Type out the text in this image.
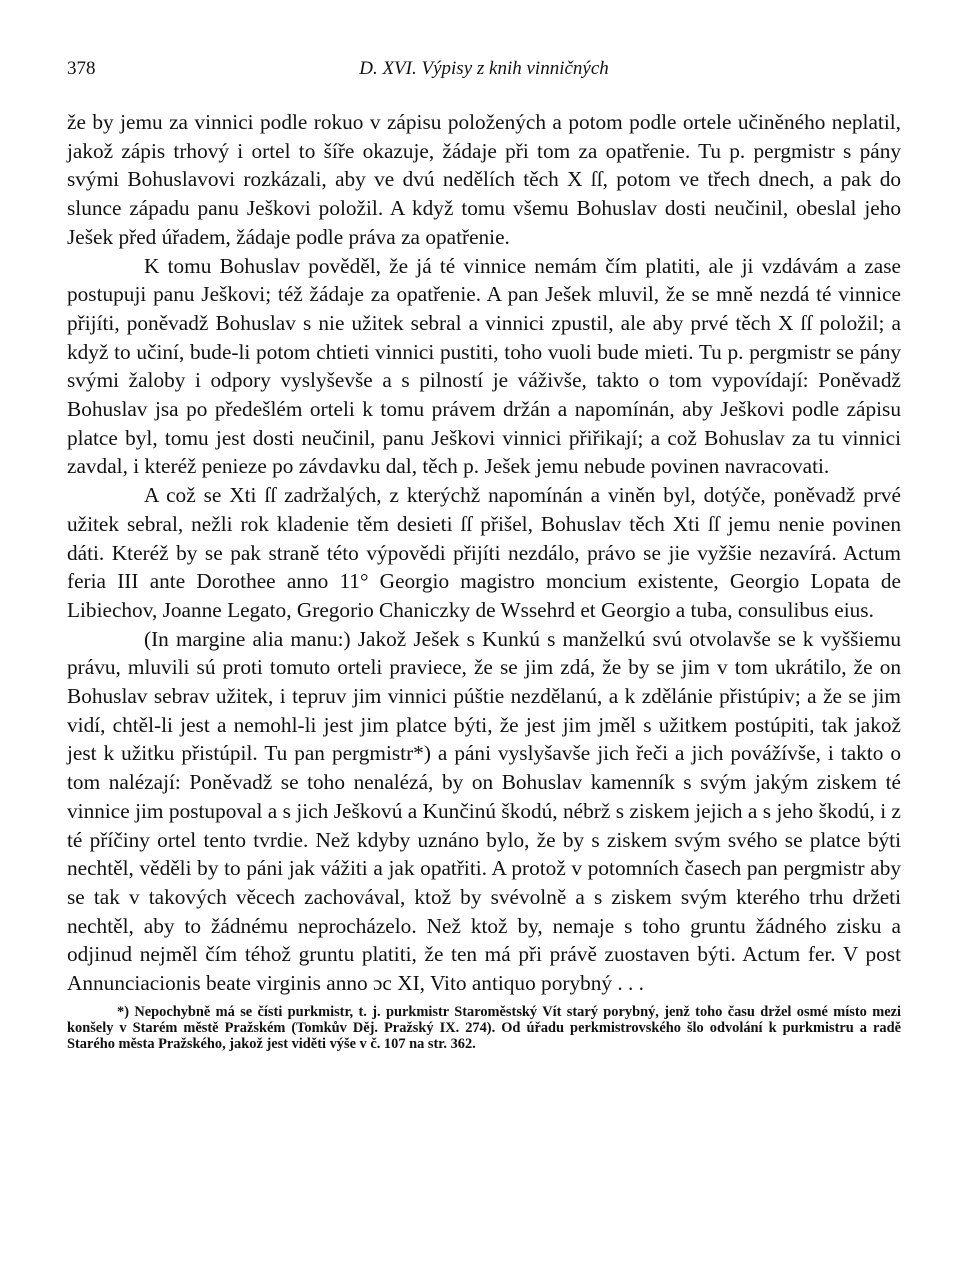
378	D. XVI. Výpisy z knih vinničných

že by jemu za vinnici podle rokuo v zápisu položených a potom podle ortele učiněného neplatil, jakož zápis trhový i ortel to šíře okazuje, žádaje při tom za opatřenie. Tu p. pergmistr s pány svými Bohuslavovi rozkázali, aby ve dvú nedělích těch X ſſ, potom ve třech dnech, a pak do slunce západu panu Ješkovi položil. A když tomu všemu Bohuslav dosti neučinil, obeslal jeho Ješek před úřadem, žádaje podle práva za opatřenie.

K tomu Bohuslav pověděl, že já té vinnice nemám čím platiti, ale ji vzdávám a zase postupuji panu Ješkovi; též žádaje za opatřenie. A pan Ješek mluvil, že se mně nezdá té vinnice přijíti, poněvadž Bohuslav s nie užitek sebral a vinnici zpustil, ale aby prvé těch X ſſ položil; a když to učiní, bude-li potom chtieti vinnici pustiti, toho vuoli bude mieti. Tu p. pergmistr se pány svými žaloby i odpory vyslyševše a s pilností je váživše, takto o tom vypovídají: Poněvadž Bohuslav jsa po předešlém orteli k tomu právem držán a napomínán, aby Ješkovi podle zápisu platce byl, tomu jest dosti neučinil, panu Ješkovi vinnici přiřikají; a což Bohuslav za tu vinnici zavdal, i kteréž penieze po závdavku dal, těch p. Ješek jemu nebude povinen navracovati.

A což se Xti ſſ zadržalých, z kterýchž napomínán a viněn byl, dotýče, poněvadž prvé užitek sebral, nežli rok kladenie těm desieti ſſ přišel, Bohuslav těch Xti ſſ jemu nenie povinen dáti. Kteréž by se pak straně této výpovědi přijíti nezdálo, právo se jie vyžšie nezavírá. Actum feria III ante Dorothee anno 11° Georgio magistro moncium existente, Georgio Lopata de Libiechov, Joanne Legato, Gregorio Chaniczky de Wssehrd et Georgio a tuba, consulibus eius.

(In margine alia manu:) Jakož Ješek s Kunkú s manželkú svú otvolavše se k vyššiemu právu, mluvili sú proti tomuto orteli praviece, že se jim zdá, že by se jim v tom ukrátilo, že on Bohuslav sebrav užitek, i tepruv jim vinnici púštie nezdělanú, a k zdělánie přistúpiv; a že se jim vidí, chtěl-li jest a nemohl-li jest jim platce býti, že jest jim jměl s užitkem postúpiti, tak jakož jest k užitku přistúpil. Tu pan pergmistr*) a páni vyslyšavše jich řeči a jich povážívše, i takto o tom nalézají: Poněvadž se toho nenalézá, by on Bohuslav kamenník s svým jakým ziskem té vinnice jim postupoval a s jich Ješkovú a Kunčinú škodú, nébrž s ziskem jejich a s jeho škodú, i z té příčiny ortel tento tvrdie. Než kdyby uznáno bylo, že by s ziskem svým svého se platce býti nechtěl, věděli by to páni jak vážiti a jak opatřiti. A protož v potomních časech pan pergmistr aby se tak v takových věcech zachovával, ktož by svévolně a s ziskem svým kterého trhu držeti nechtěl, aby to žádnému neprocházelo. Než ktož by, nemaje s toho gruntu žádného zisku a odjinud nejměl čím téhož gruntu platiti, že ten má při právě zuostaven býti. Actum fer. V post Annunciacionis beate virginis anno ɔc XI, Vito antiquo porybný . . .

*) Nepochybně má se čísti purkmistr, t. j. purkmistr Staroměstský Vít starý porybný, jenž toho času držel osmé místo mezi konšely v Starém městě Pražském (Tomkův Děj. Pražský IX. 274). Od úřadu perkmistrovského šlo odvolání k purkmistru a radě Starého města Pražského, jakož jest viděti výše v č. 107 na str. 362.
